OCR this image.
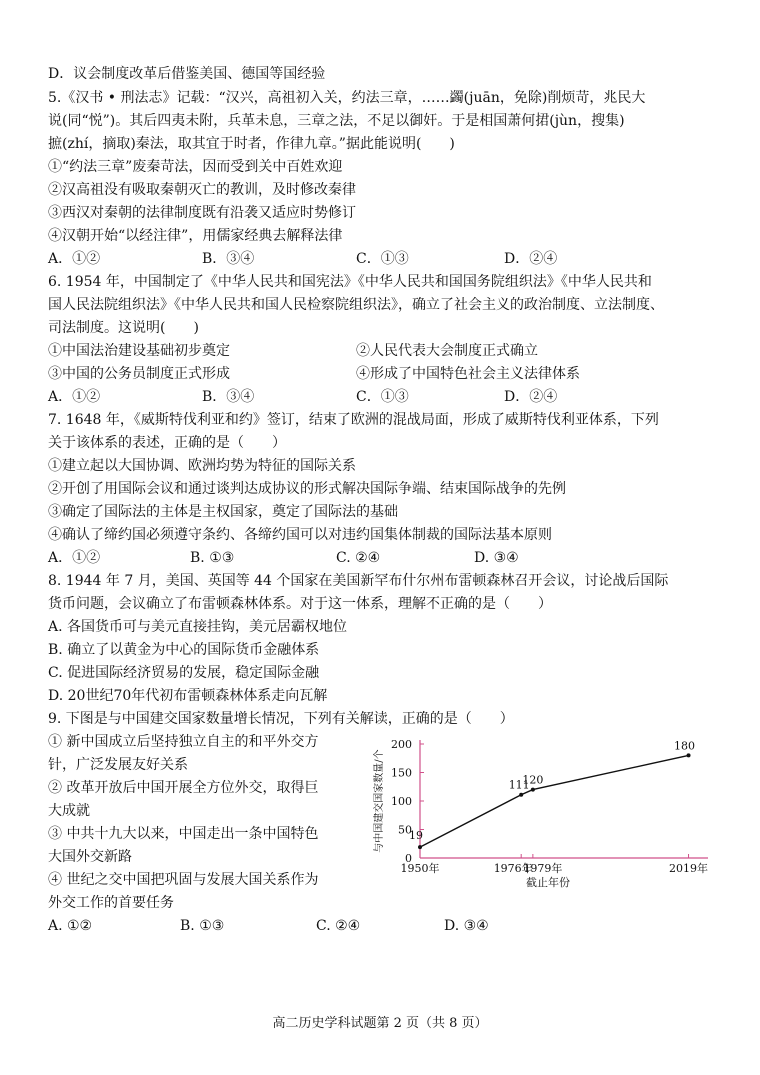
D．议会制度改革后借鉴美国、德国等国经验
5.《汉书 • 刑法志》记载：“汉兴，高祖初入关，约法三章，……蠲(juān，免除)削烦苛，兆民大
说(同“悦”)。其后四夷未附，兵革未息，三章之法，不足以御奸。于是相国萧何捃(jùn，搜集)
摭(zhí，摘取)秦法，取其宜于时者，作律九章。”据此能说明(　　)
①“约法三章”废秦苛法，因而受到关中百姓欢迎
②汉高祖没有吸取秦朝灭亡的教训，及时修改秦律
③西汉对秦朝的法律制度既有沿袭又适应时势修订
④汉朝开始“以经注律”，用儒家经典去解释法律
A．①②	B．③④	C．①③	D．②④
6. 1954 年，中国制定了《中华人民共和国宪法》《中华人民共和国国务院组织法》《中华人民共和
国人民法院组织法》《中华人民共和国人民检察院组织法》，确立了社会主义的政治制度、立法制度、
司法制度。这说明(　　)
①中国法治建设基础初步奠定	②人民代表大会制度正式确立
③中国的公务员制度正式形成	④形成了中国特色社会主义法律体系
A．①②	B．③④	C．①③	D．②④
7. 1648 年，《威斯特伐利亚和约》签订，结束了欧洲的混战局面，形成了威斯特伐利亚体系，下列
关于该体系的表述，正确的是（　　）
①建立起以大国协调、欧洲均势为特征的国际关系
②开创了用国际会议和通过谈判达成协议的形式解决国际争端、结束国际战争的先例
③确定了国际法的主体是主权国家，奠定了国际法的基础
④确认了缔约国必须遵守条约、各缔约国可以对违约国集体制裁的国际法基本原则
A．①②	B. ①③	C. ②④	D. ③④
8. 1944 年 7 月，美国、英国等 44 个国家在美国新罕布什尔州布雷顿森林召开会议，讨论战后国际
货币问题，会议确立了布雷顿森林体系。对于这一体系，理解不正确的是（　　）
A. 各国货币可与美元直接挂钩，美元居霸权地位
B. 确立了以黄金为中心的国际货币金融体系
C. 促进国际经济贸易的发展，稳定国际金融
D. 20世纪70年代初布雷顿森林体系走向瓦解
9. 下图是与中国建交国家数量增长情况，下列有关解读，正确的是（　　）
① 新中国成立后坚持独立自主的和平外交方
针，广泛发展友好关系
② 改革开放后中国开展全方位外交，取得巨
大成就
③ 中共十九大以来，中国走出一条中国特色
大国外交新路
④ 世纪之交中国把巩固与发展大国关系作为
外交工作的首要任务
A. ①②	B. ①③	C. ②④	D. ③④
0
50
100
150
200
1950年	1976年
1979年	2019年
截止年份
与中国建交国家数量/个 19
111
120
180
高二历史学科试题第 2 页（共 8 页）
